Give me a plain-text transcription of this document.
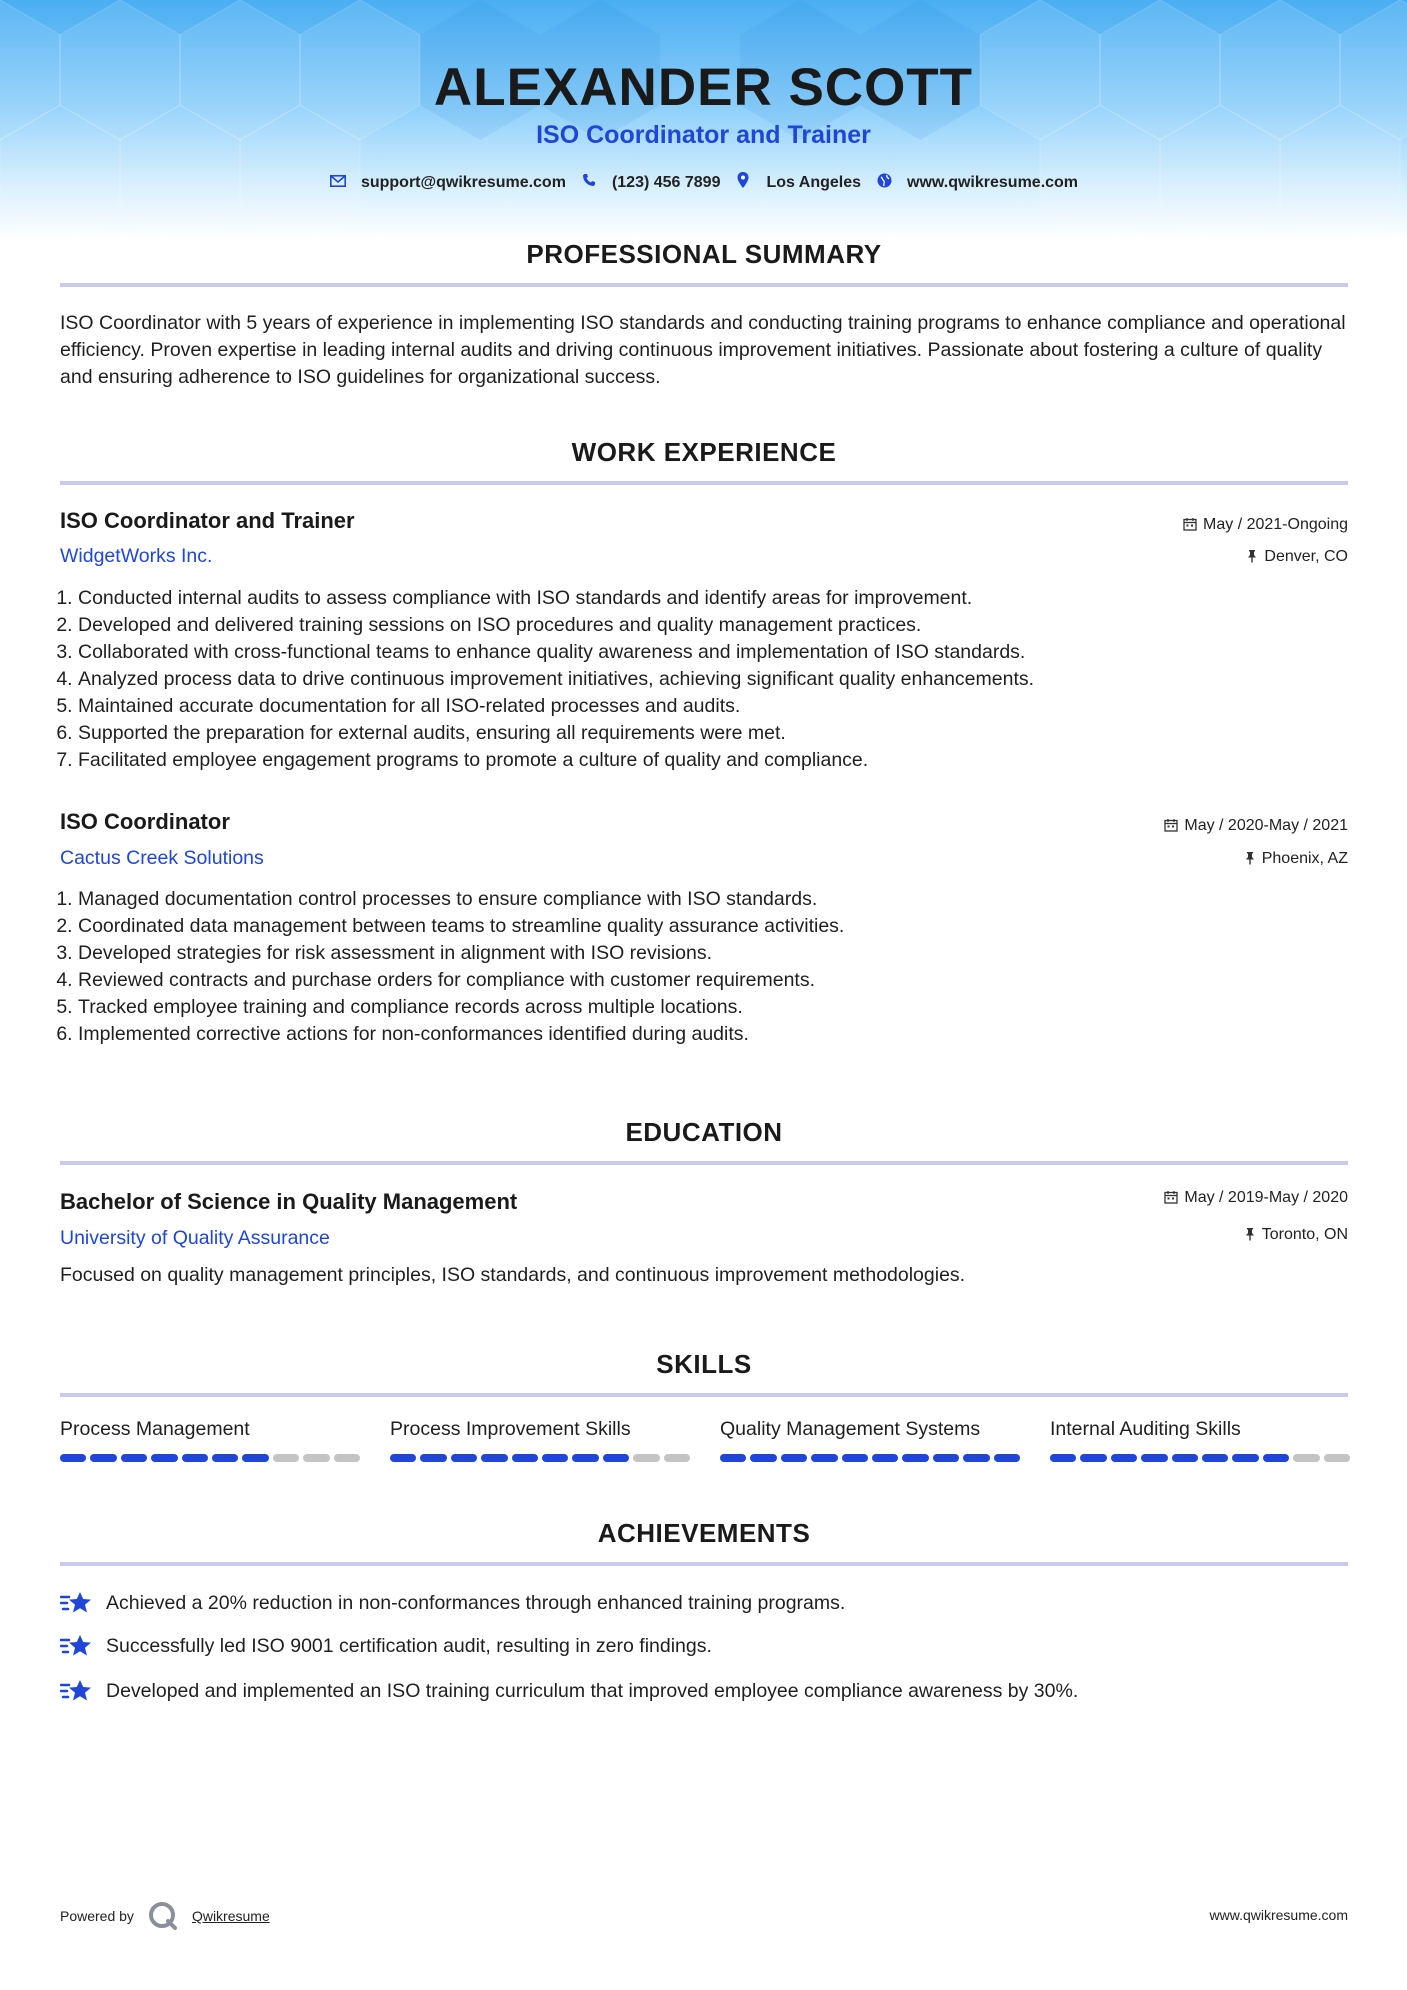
ALEXANDER SCOTT
ISO Coordinator and Trainer
support@qwikresume.com	(123) 456 7899	Los Angeles	www.qwikresume.com
PROFESSIONAL SUMMARY
ISO Coordinator with 5 years of experience in implementing ISO standards and conducting training programs to enhance compliance and operational efficiency. Proven expertise in leading internal audits and driving continuous improvement initiatives. Passionate about fostering a culture of quality and ensuring adherence to ISO guidelines for organizational success.
WORK EXPERIENCE
ISO Coordinator and Trainer
WidgetWorks Inc.
May / 2021-Ongoing
Denver, CO
1. Conducted internal audits to assess compliance with ISO standards and identify areas for improvement.
2. Developed and delivered training sessions on ISO procedures and quality management practices.
3. Collaborated with cross-functional teams to enhance quality awareness and implementation of ISO standards.
4. Analyzed process data to drive continuous improvement initiatives, achieving significant quality enhancements.
5. Maintained accurate documentation for all ISO-related processes and audits.
6. Supported the preparation for external audits, ensuring all requirements were met.
7. Facilitated employee engagement programs to promote a culture of quality and compliance.
ISO Coordinator
Cactus Creek Solutions
May / 2020-May / 2021
Phoenix, AZ
1. Managed documentation control processes to ensure compliance with ISO standards.
2. Coordinated data management between teams to streamline quality assurance activities.
3. Developed strategies for risk assessment in alignment with ISO revisions.
4. Reviewed contracts and purchase orders for compliance with customer requirements.
5. Tracked employee training and compliance records across multiple locations.
6. Implemented corrective actions for non-conformances identified during audits.
EDUCATION
Bachelor of Science in Quality Management
University of Quality Assurance
May / 2019-May / 2020
Toronto, ON
Focused on quality management principles, ISO standards, and continuous improvement methodologies.
SKILLS
Process Management	Process Improvement Skills	Quality Management Systems	Internal Auditing Skills
ACHIEVEMENTS
Achieved a 20% reduction in non-conformances through enhanced training programs.
Successfully led ISO 9001 certification audit, resulting in zero findings.
Developed and implemented an ISO training curriculum that improved employee compliance awareness by 30%.
Powered by	Qwikresume	www.qwikresume.com
